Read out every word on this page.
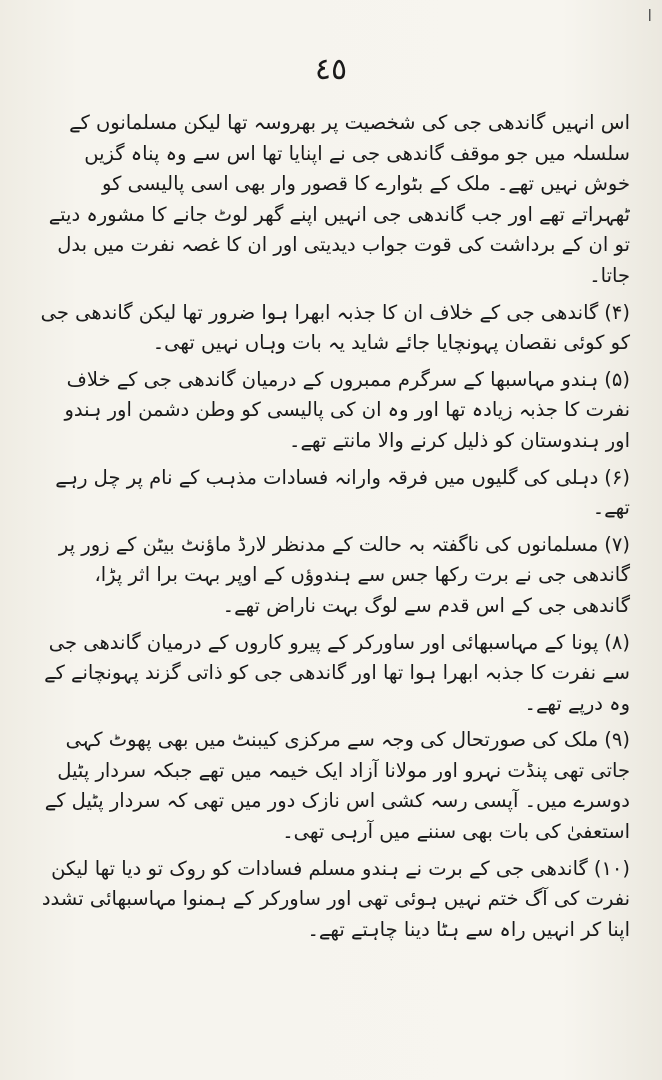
ا
٤٥

اس انہیں گاندھی جی کی شخصیت پر بھروسہ تھا لیکن مسلمانوں کے سلسلہ میں جو موقف گاندھی جی نے اپنایا تھا اس سے وہ پناہ گزیں خوش نہیں تھے۔ ملک کے بٹوارے کا قصور وار بھی اسی پالیسی کو ٹھہراتے تھے اور جب گاندھی جی انہیں اپنے گھر لوٹ جانے کا مشورہ دیتے تو ان کے برداشت کی قوت جواب دیدیتی اور ان کا غصہ نفرت میں بدل جاتا۔

(۴)گاندھی جی کے خلاف ان کا جذبہ ابھرا ہوا ضرور تھا لیکن گاندھی جی کو کوئی نقصان پہونچایا جائے شاید یہ بات وہاں نہیں تھی۔

(۵)ہندو مہاسبھا کے سرگرم ممبروں کے درمیان گاندھی جی کے خلاف نفرت کا جذبہ زیادہ تھا اور وہ ان کی پالیسی کو وطن دشمن اور ہندو اور ہندوستان کو ذلیل کرنے والا مانتے تھے۔

(۶)دہلی کی گلیوں میں فرقہ وارانہ فسادات مذہب کے نام پر چل رہے تھے۔

(۷)مسلمانوں کی ناگفتہ بہ حالت کے مدنظر لارڈ ماؤنٹ بیٹن کے زور پر گاندھی جی نے برت رکھا جس سے ہندوؤں کے اوپر بہت برا اثر پڑا، گاندھی جی کے اس قدم سے لوگ بہت ناراض تھے۔

(۸)پونا کے مہاسبھائی اور ساورکر کے پیرو کاروں کے درمیان گاندھی جی سے نفرت کا جذبہ ابھرا ہوا تھا اور گاندھی جی کو ذاتی گزند پہونچانے کے وہ درپے تھے۔

(۹)ملک کی صورتحال کی وجہ سے مرکزی کیبنٹ میں بھی پھوٹ کہی جاتی تھی پنڈت نہرو اور مولانا آزاد ایک خیمہ میں تھے جبکہ سردار پٹیل دوسرے میں۔ آپسی رسہ کشی اس نازک دور میں تھی کہ سردار پٹیل کے استعفیٰ کی بات بھی سننے میں آرہی تھی۔

(۱۰)گاندھی جی کے برت نے ہندو مسلم فسادات کو روک تو دیا تھا لیکن نفرت کی آگ ختم نہیں ہوئی تھی اور ساورکر کے ہمنوا مہاسبھائی تشدد اپنا کر انہیں راہ سے ہٹا دینا چاہتے تھے۔
